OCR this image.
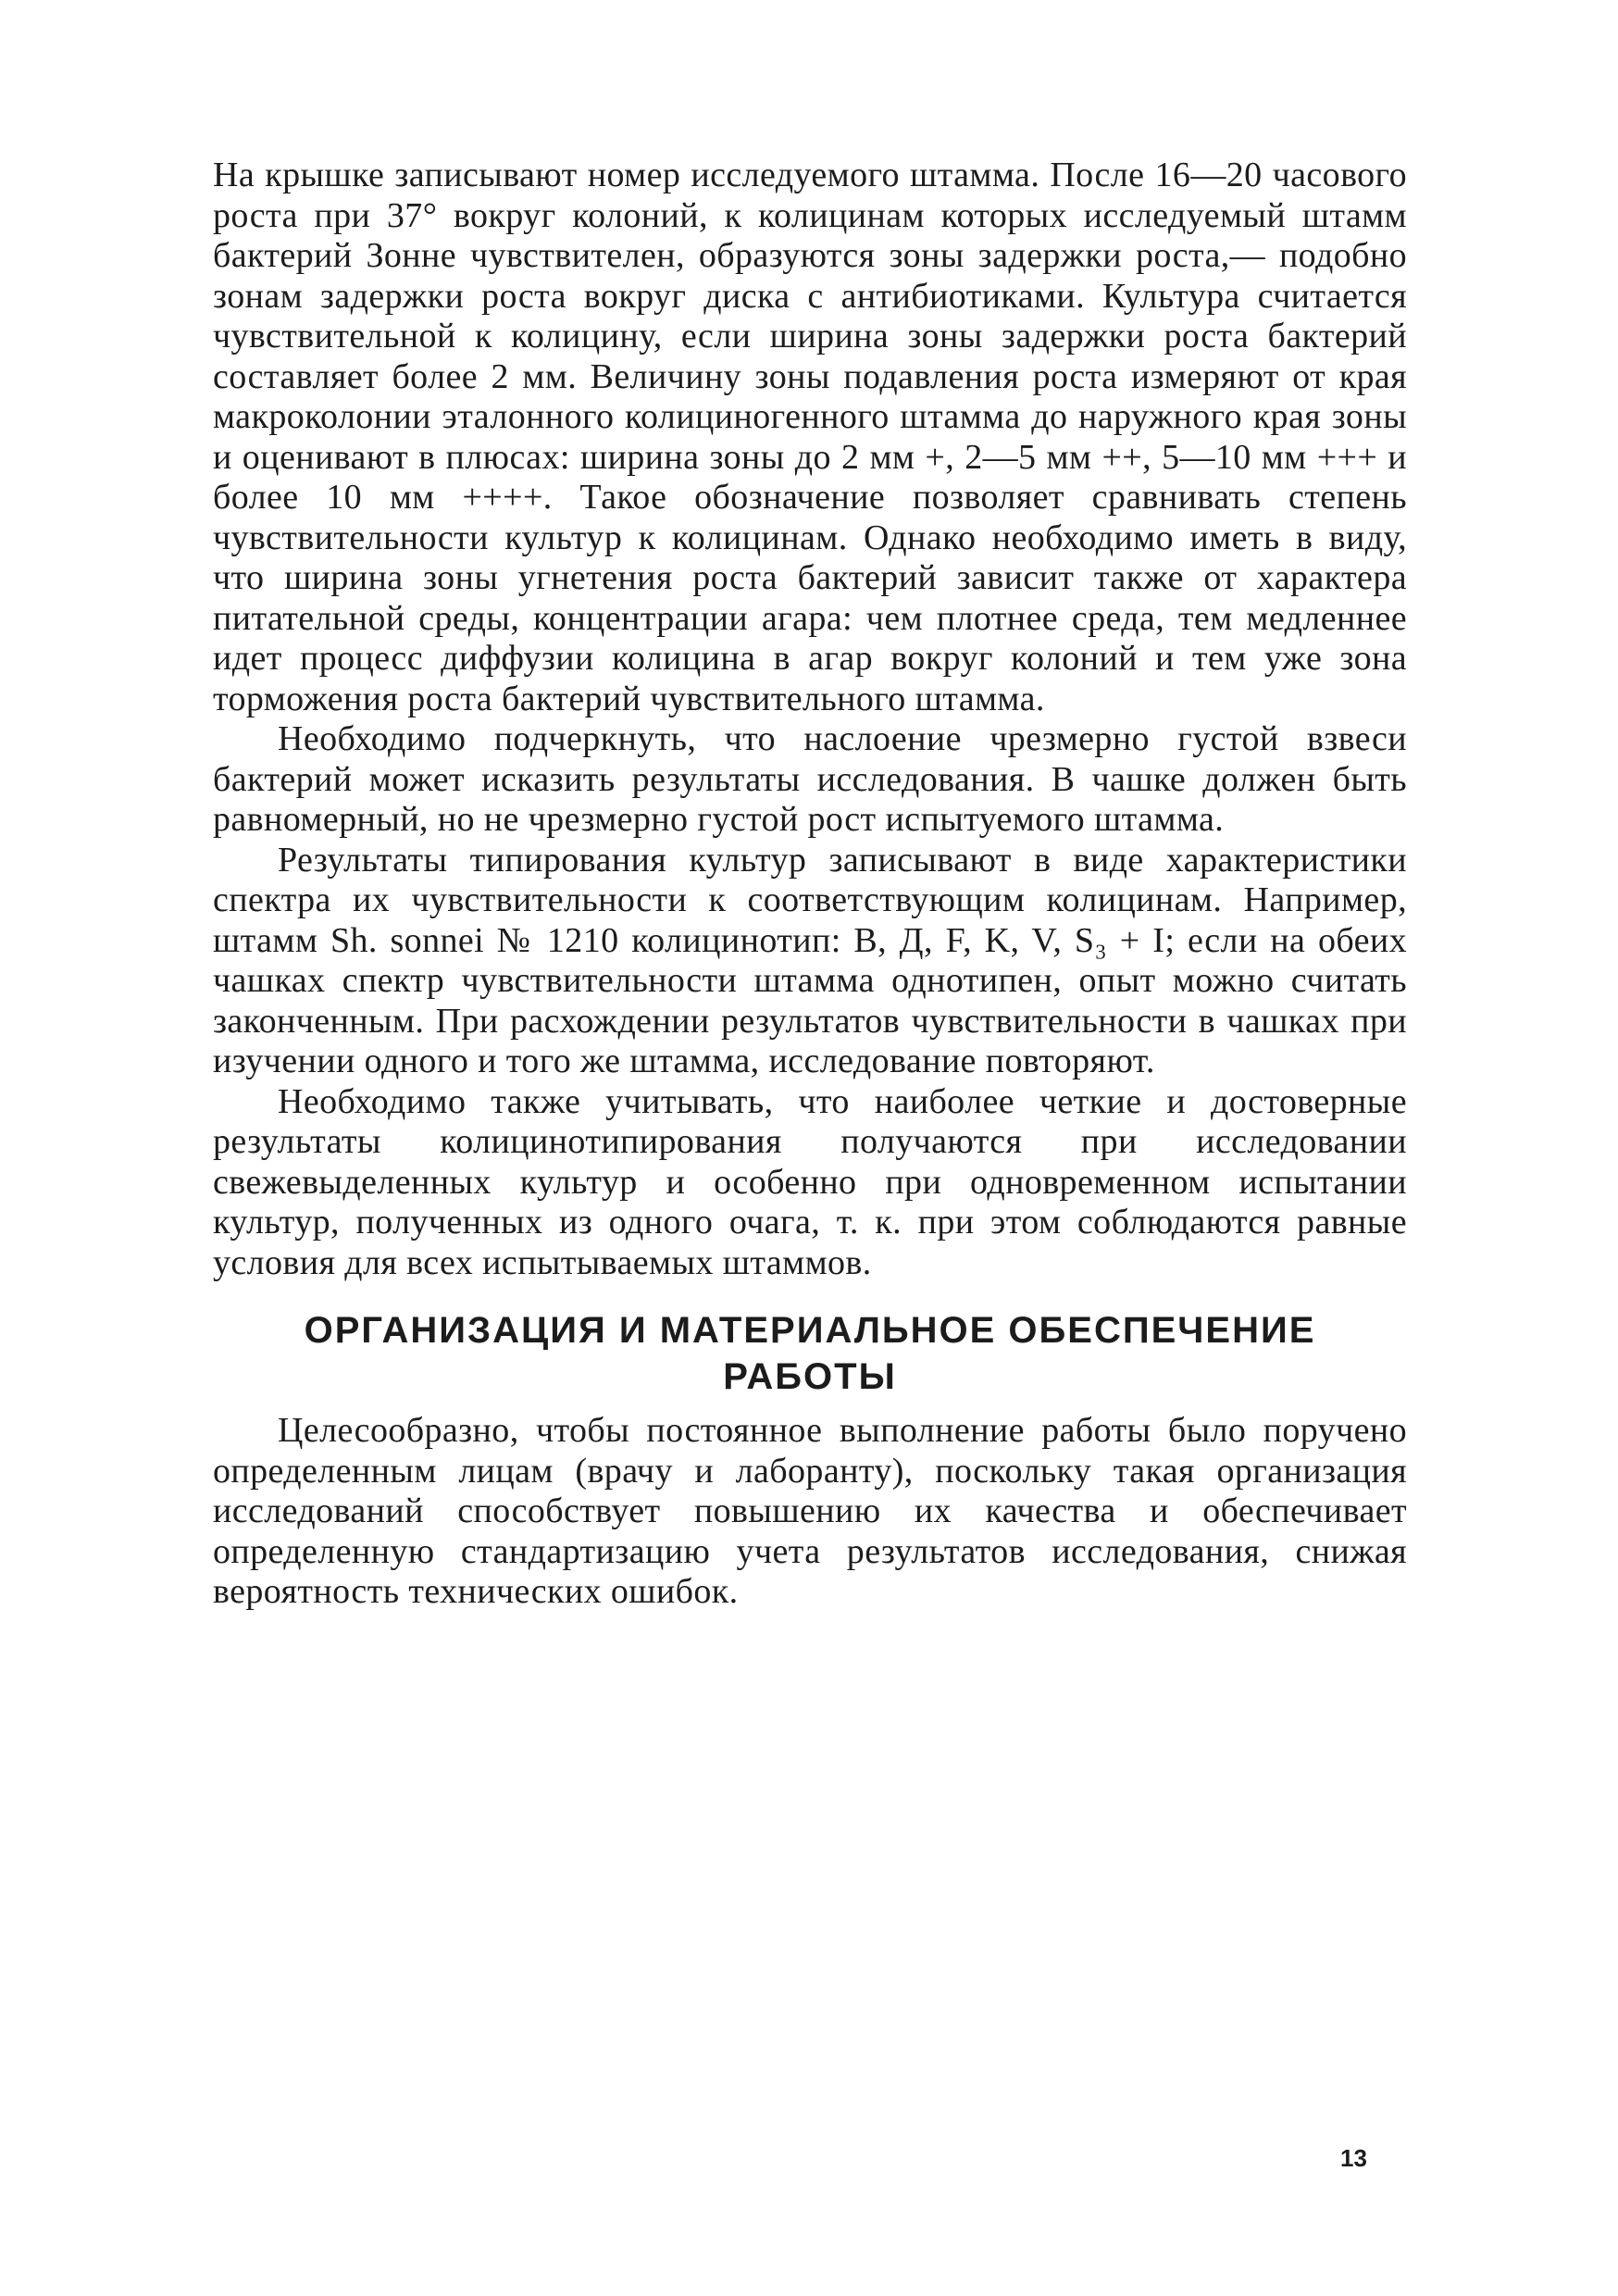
На крышке записывают номер исследуемого штамма. После 16—20 часового роста при 37° вокруг колоний, к колицинам которых исследуемый штамм бактерий Зонне чувствителен, образуются зоны задержки роста,— подобно зонам задержки роста вокруг диска с антибиотиками. Культура считается чувствительной к колицину, если ширина зоны задержки роста бактерий составляет более 2 мм. Величину зоны подавления роста измеряют от края макроколонии эталонного колициногенного штамма до наружного края зоны и оценивают в плюсах: ширина зоны до 2 мм +, 2—5 мм ++, 5—10 мм +++ и более 10 мм ++++. Такое обозначение позволяет сравнивать степень чувствительности культур к колицинам. Однако необходимо иметь в виду, что ширина зоны угнетения роста бактерий зависит также от характера питательной среды, концентрации агара: чем плотнее среда, тем медленнее идет процесс диффузии колицина в агар вокруг колоний и тем уже зона торможения роста бактерий чувствительного штамма.

Необходимо подчеркнуть, что наслоение чрезмерно густой взвеси бактерий может исказить результаты исследования. В чашке должен быть равномерный, но не чрезмерно густой рост испытуемого штамма.

Результаты типирования культур записывают в виде характеристики спектра их чувствительности к соответствующим колицинам. Например, штамм Sh. sonnei № 1210 колицинотип: B, Д, F, K, V, S₃ + I; если на обеих чашках спектр чувствительности штамма однотипен, опыт можно считать законченным. При расхождении результатов чувствительности в чашках при изучении одного и того же штамма, исследование повторяют.

Необходимо также учитывать, что наиболее четкие и достоверные результаты колицинотипирования получаются при исследовании свежевыделенных культур и особенно при одновременном испытании культур, полученных из одного очага, т. к. при этом соблюдаются равные условия для всех испытываемых штаммов.

ОРГАНИЗАЦИЯ И МАТЕРИАЛЬНОЕ ОБЕСПЕЧЕНИЕ
РАБОТЫ

Целесообразно, чтобы постоянное выполнение работы было поручено определенным лицам (врачу и лаборанту), поскольку такая организация исследований способствует повышению их качества и обеспечивает определенную стандартизацию учета результатов исследования, снижая вероятность технических ошибок.

13
